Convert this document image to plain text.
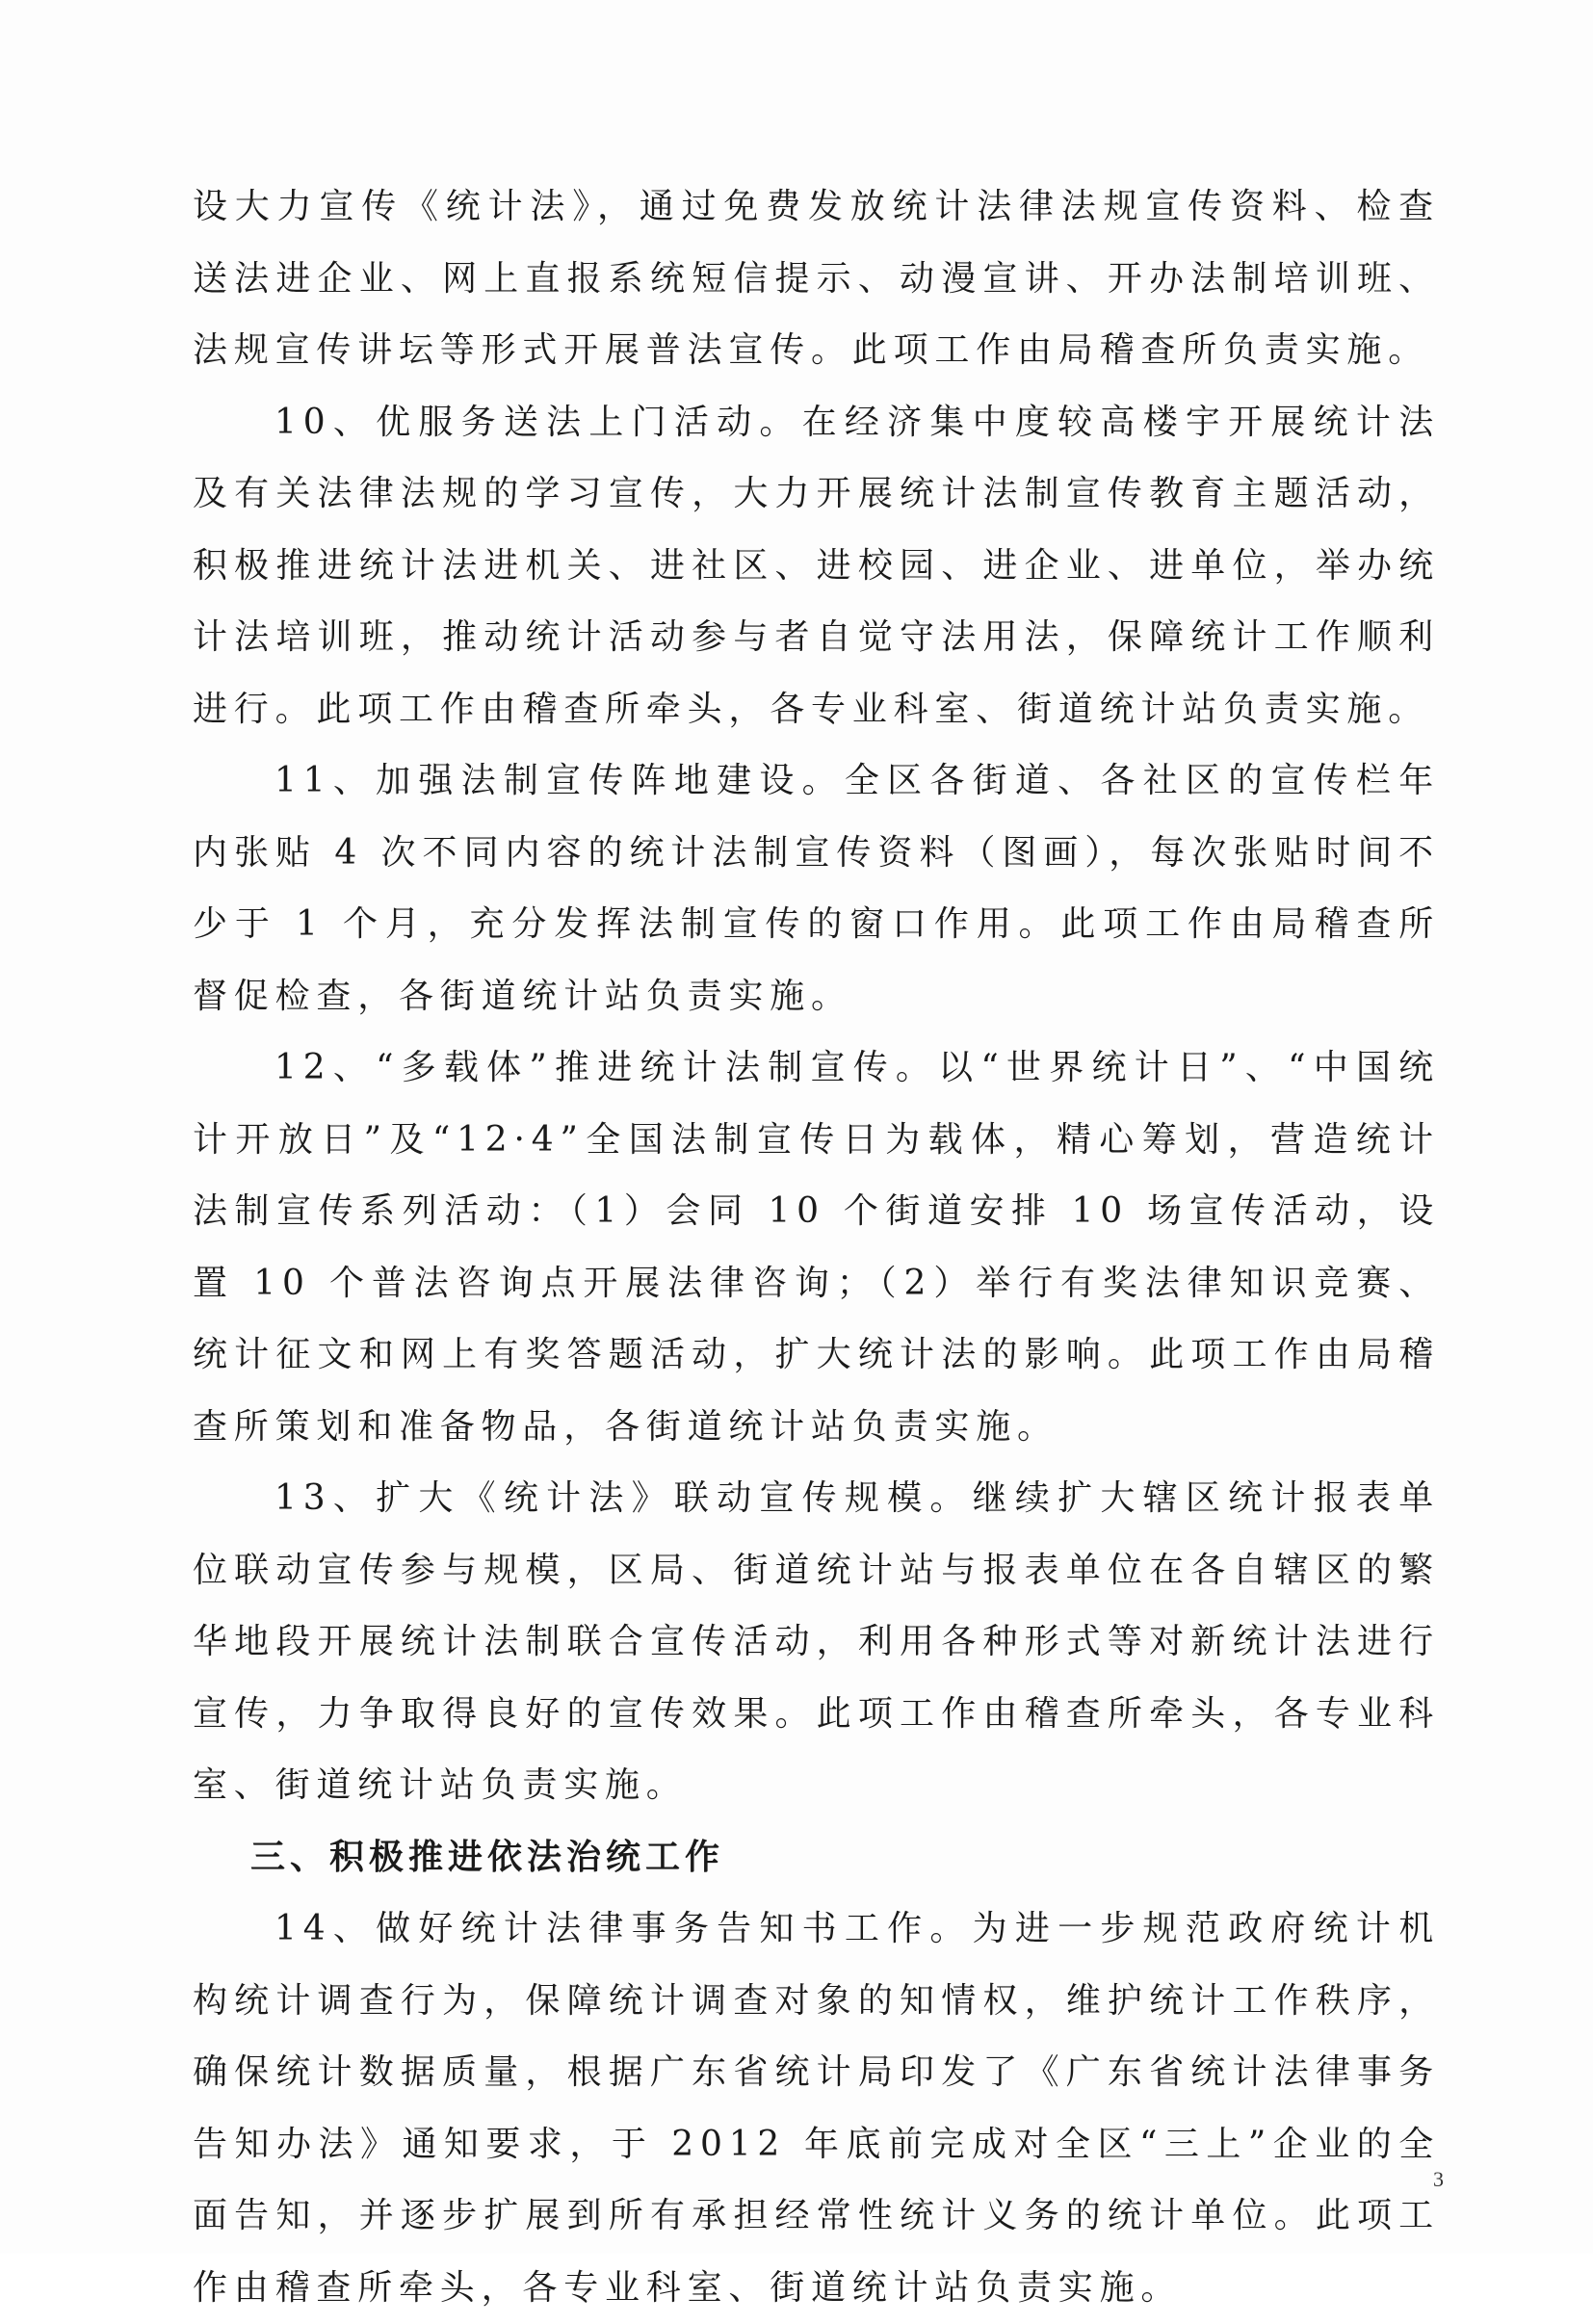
设大力宣传《统计法》，通过免费发放统计法律法规宣传资料、检查送法进企业、网上直报系统短信提示、动漫宣讲、开办法制培训班、法规宣传讲坛等形式开展普法宣传。此项工作由局稽查所负责实施。

10、优服务送法上门活动。在经济集中度较高楼宇开展统计法及有关法律法规的学习宣传，大力开展统计法制宣传教育主题活动，积极推进统计法进机关、进社区、进校园、进企业、进单位，举办统计法培训班，推动统计活动参与者自觉守法用法，保障统计工作顺利进行。此项工作由稽查所牵头，各专业科室、街道统计站负责实施。

11、加强法制宣传阵地建设。全区各街道、各社区的宣传栏年内张贴 4 次不同内容的统计法制宣传资料（图画），每次张贴时间不少于 1 个月，充分发挥法制宣传的窗口作用。此项工作由局稽查所督促检查，各街道统计站负责实施。

12、“多载体”推进统计法制宣传。以“世界统计日”、“中国统计开放日”及“12·4”全国法制宣传日为载体，精心筹划，营造统计法制宣传系列活动：（1）会同 10 个街道安排 10 场宣传活动，设置 10 个普法咨询点开展法律咨询；（2）举行有奖法律知识竞赛、统计征文和网上有奖答题活动，扩大统计法的影响。此项工作由局稽查所策划和准备物品，各街道统计站负责实施。

13、扩大《统计法》联动宣传规模。继续扩大辖区统计报表单位联动宣传参与规模，区局、街道统计站与报表单位在各自辖区的繁华地段开展统计法制联合宣传活动，利用各种形式等对新统计法进行宣传，力争取得良好的宣传效果。此项工作由稽查所牵头，各专业科室、街道统计站负责实施。

三、积极推进依法治统工作

14、做好统计法律事务告知书工作。为进一步规范政府统计机构统计调查行为，保障统计调查对象的知情权，维护统计工作秩序，确保统计数据质量，根据广东省统计局印发了《广东省统计法律事务告知办法》通知要求，于 2012 年底前完成对全区“三上”企业的全面告知，并逐步扩展到所有承担经常性统计义务的统计单位。此项工作由稽查所牵头，各专业科室、街道统计站负责实施。

3
